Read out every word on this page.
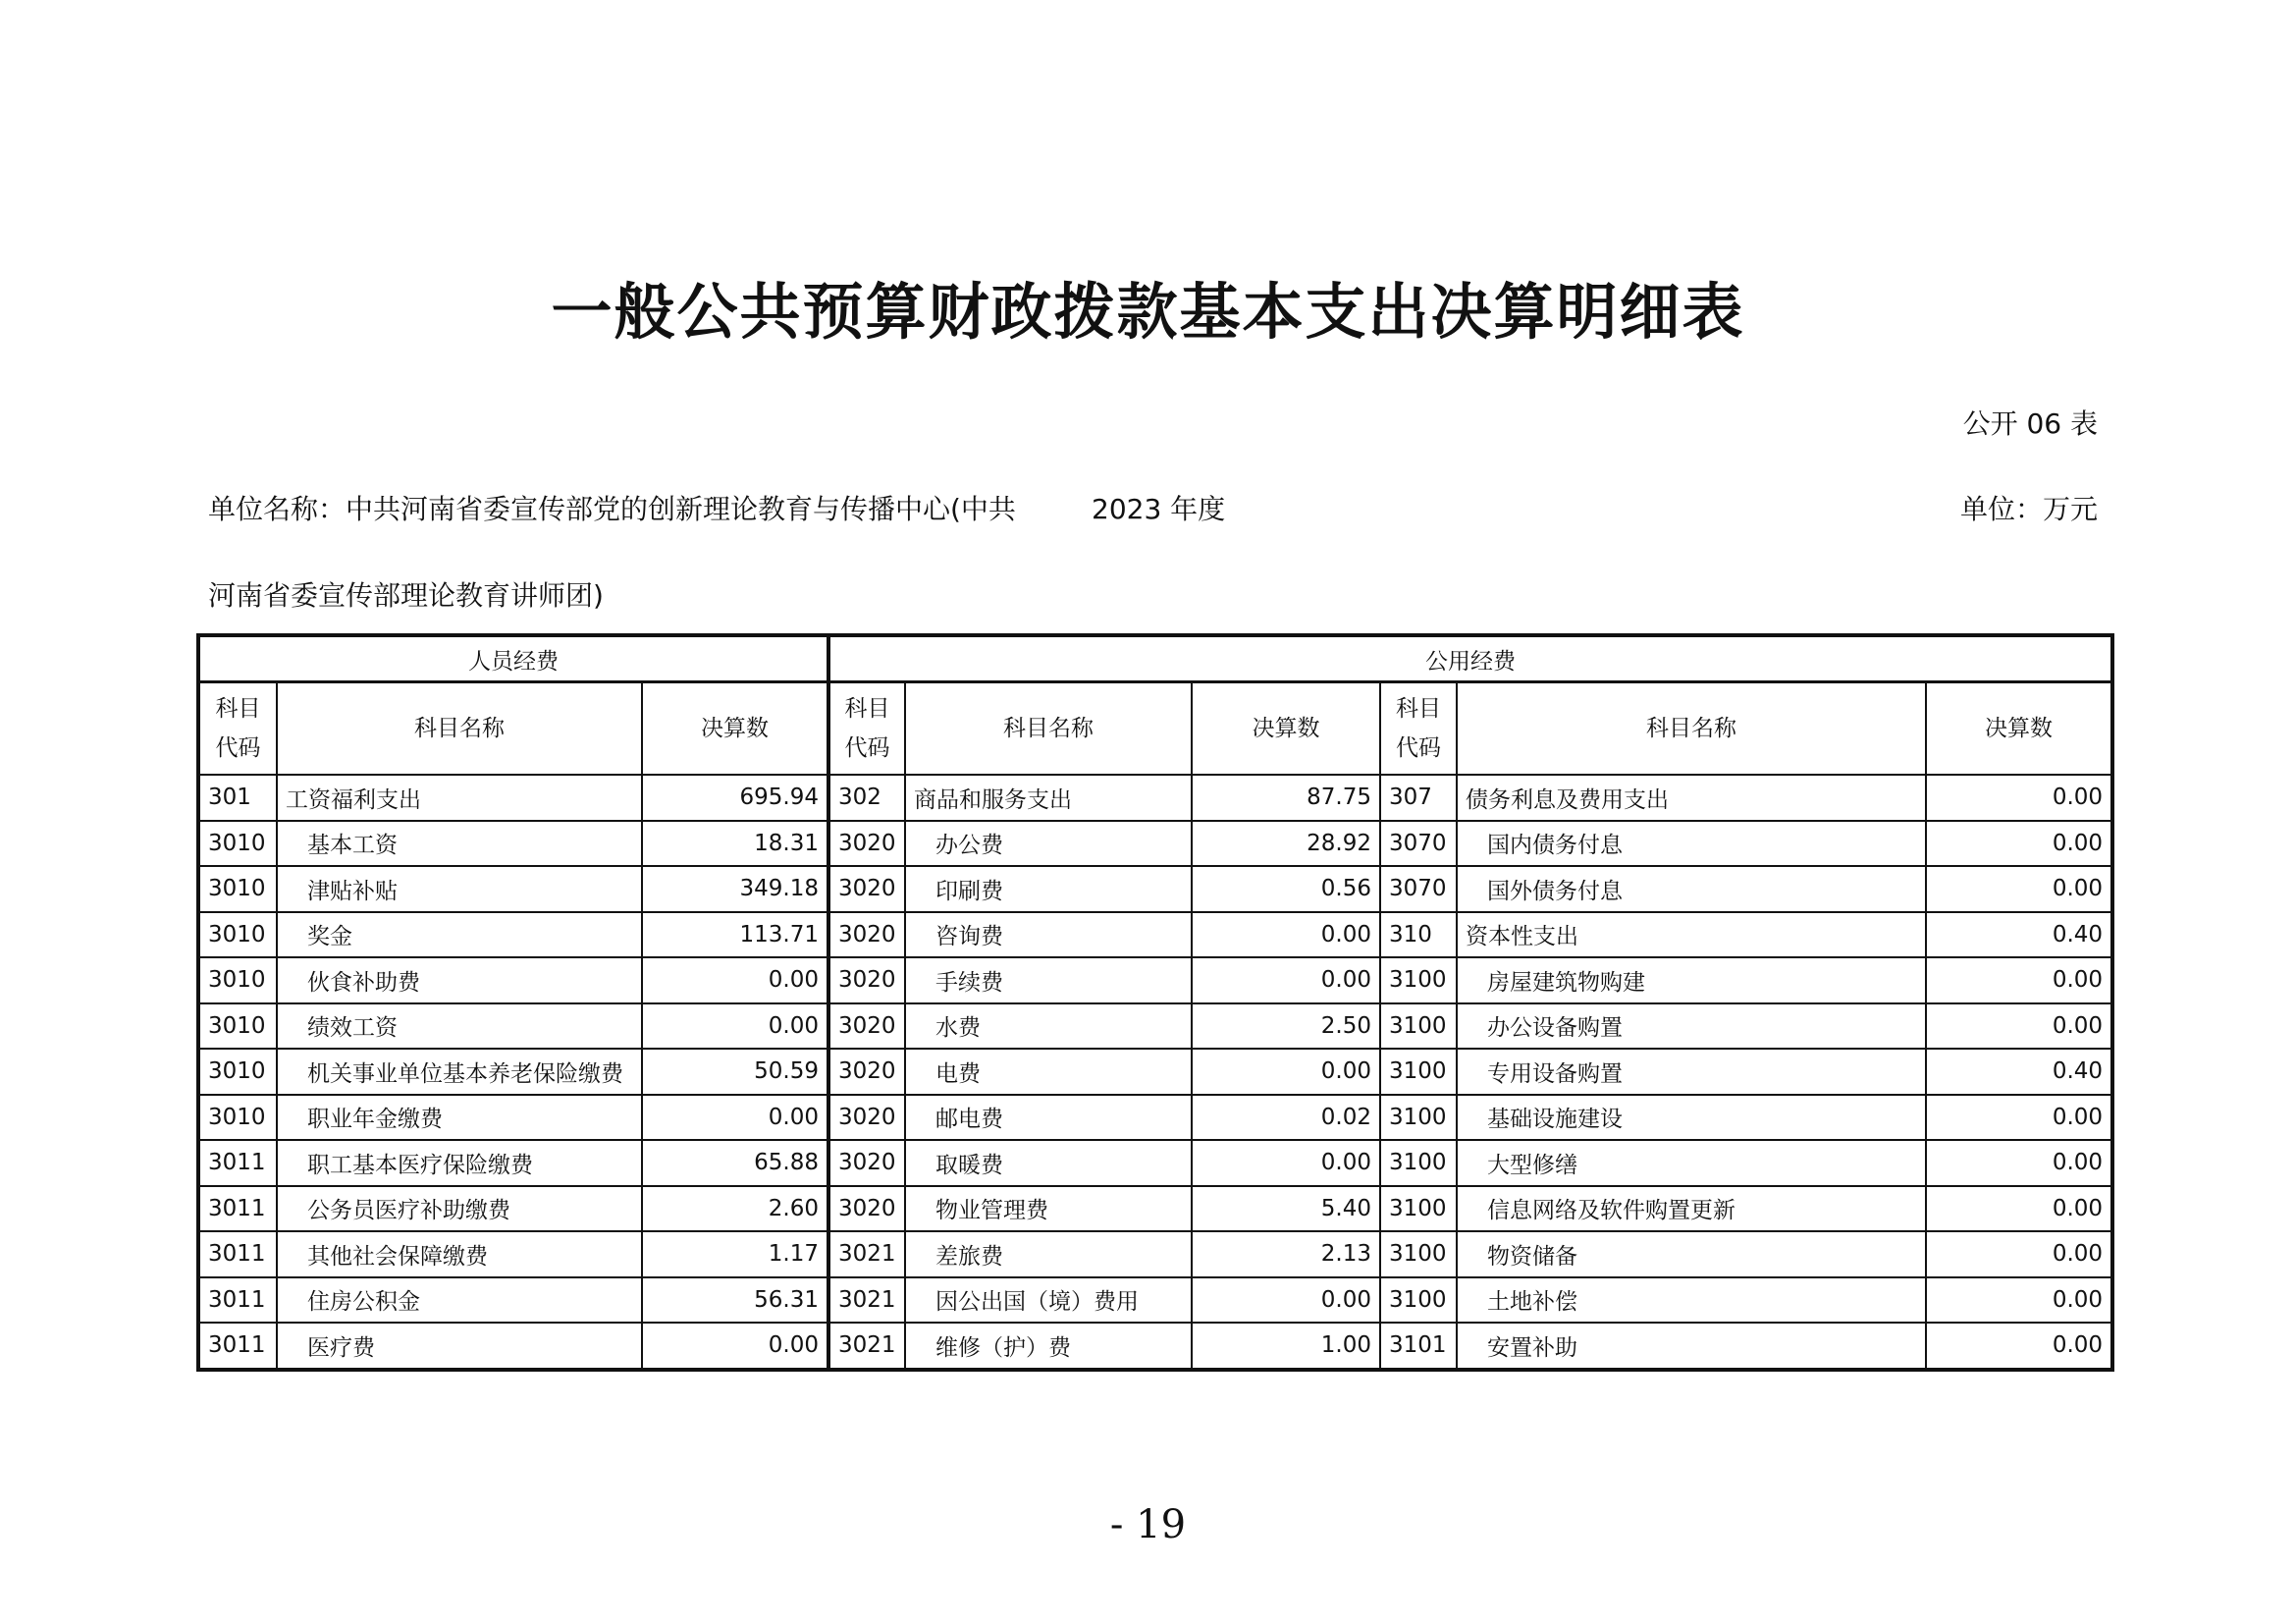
一般公共预算财政拨款基本支出决算明细表

公开 06 表

单位名称：中共河南省委宣传部党的创新理论教育与传播中心(中共	2023 年度	单位：万元

河南省委宣传部理论教育讲师团)

人员经费			公用经费					
科目
代码	科目名称	决算数	科目
代码	科目名称	决算数	科目
代码	科目名称	决算数
301	工资福利支出	695.94	302	商品和服务支出	87.75	307	债务利息及费用支出	0.00
3010	基本工资	18.31	3020	办公费	28.92	3070	国内债务付息	0.00
3010	津贴补贴	349.18	3020	印刷费	0.56	3070	国外债务付息	0.00
3010	奖金	113.71	3020	咨询费	0.00	310	资本性支出	0.40
3010	伙食补助费	0.00	3020	手续费	0.00	3100	房屋建筑物购建	0.00
3010	绩效工资	0.00	3020	水费	2.50	3100	办公设备购置	0.00
3010	机关事业单位基本养老保险缴费	50.59	3020	电费	0.00	3100	专用设备购置	0.40
3010	职业年金缴费	0.00	3020	邮电费	0.02	3100	基础设施建设	0.00
3011	职工基本医疗保险缴费	65.88	3020	取暖费	0.00	3100	大型修缮	0.00
3011	公务员医疗补助缴费	2.60	3020	物业管理费	5.40	3100	信息网络及软件购置更新	0.00
3011	其他社会保障缴费	1.17	3021	差旅费	2.13	3100	物资储备	0.00
3011	住房公积金	56.31	3021	因公出国（境）费用	0.00	3100	土地补偿	0.00
3011	医疗费	0.00	3021	维修（护）费	1.00	3101	安置补助	0.00

- 19
